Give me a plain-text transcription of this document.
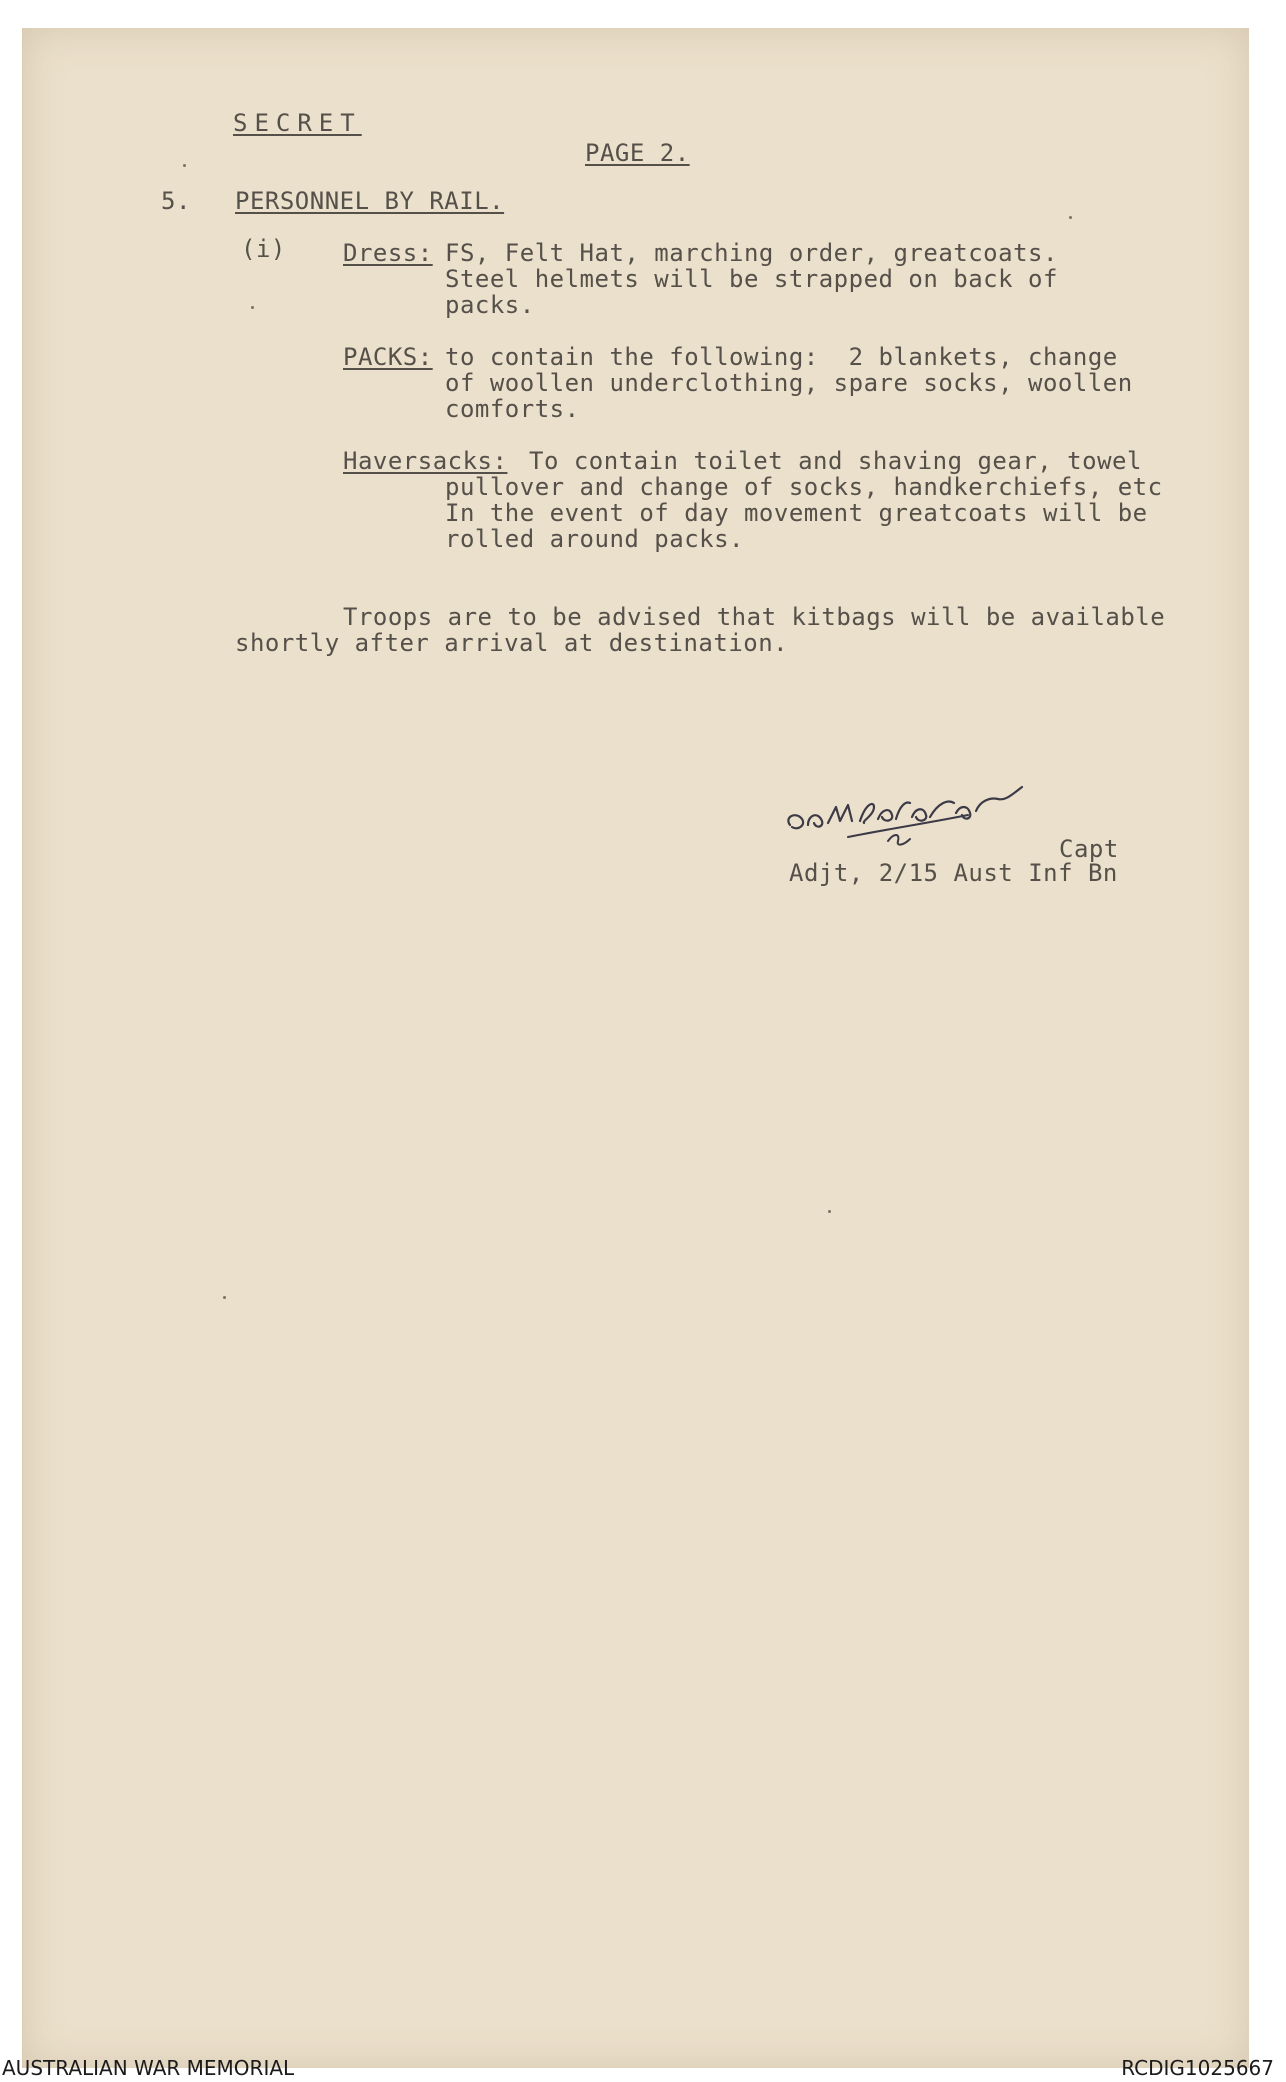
SECRET
PAGE 2.
5. PERSONNEL BY RAIL.
(i) Dress: FS, Felt Hat, marching order, greatcoats.
Steel helmets will be strapped on back of
packs.
PACKS: to contain the following:  2 blankets, change
of woollen underclothing, spare socks, woollen
comforts.
Haversacks: To contain toilet and shaving gear, towel
pullover and change of socks, handkerchiefs, etc
In the event of day movement greatcoats will be
rolled around packs.
Troops are to be advised that kitbags will be available
shortly after arrival at destination.
Capt
Adjt, 2/15 Aust Inf Bn
AUSTRALIAN WAR MEMORIAL	RCDIG1025667
